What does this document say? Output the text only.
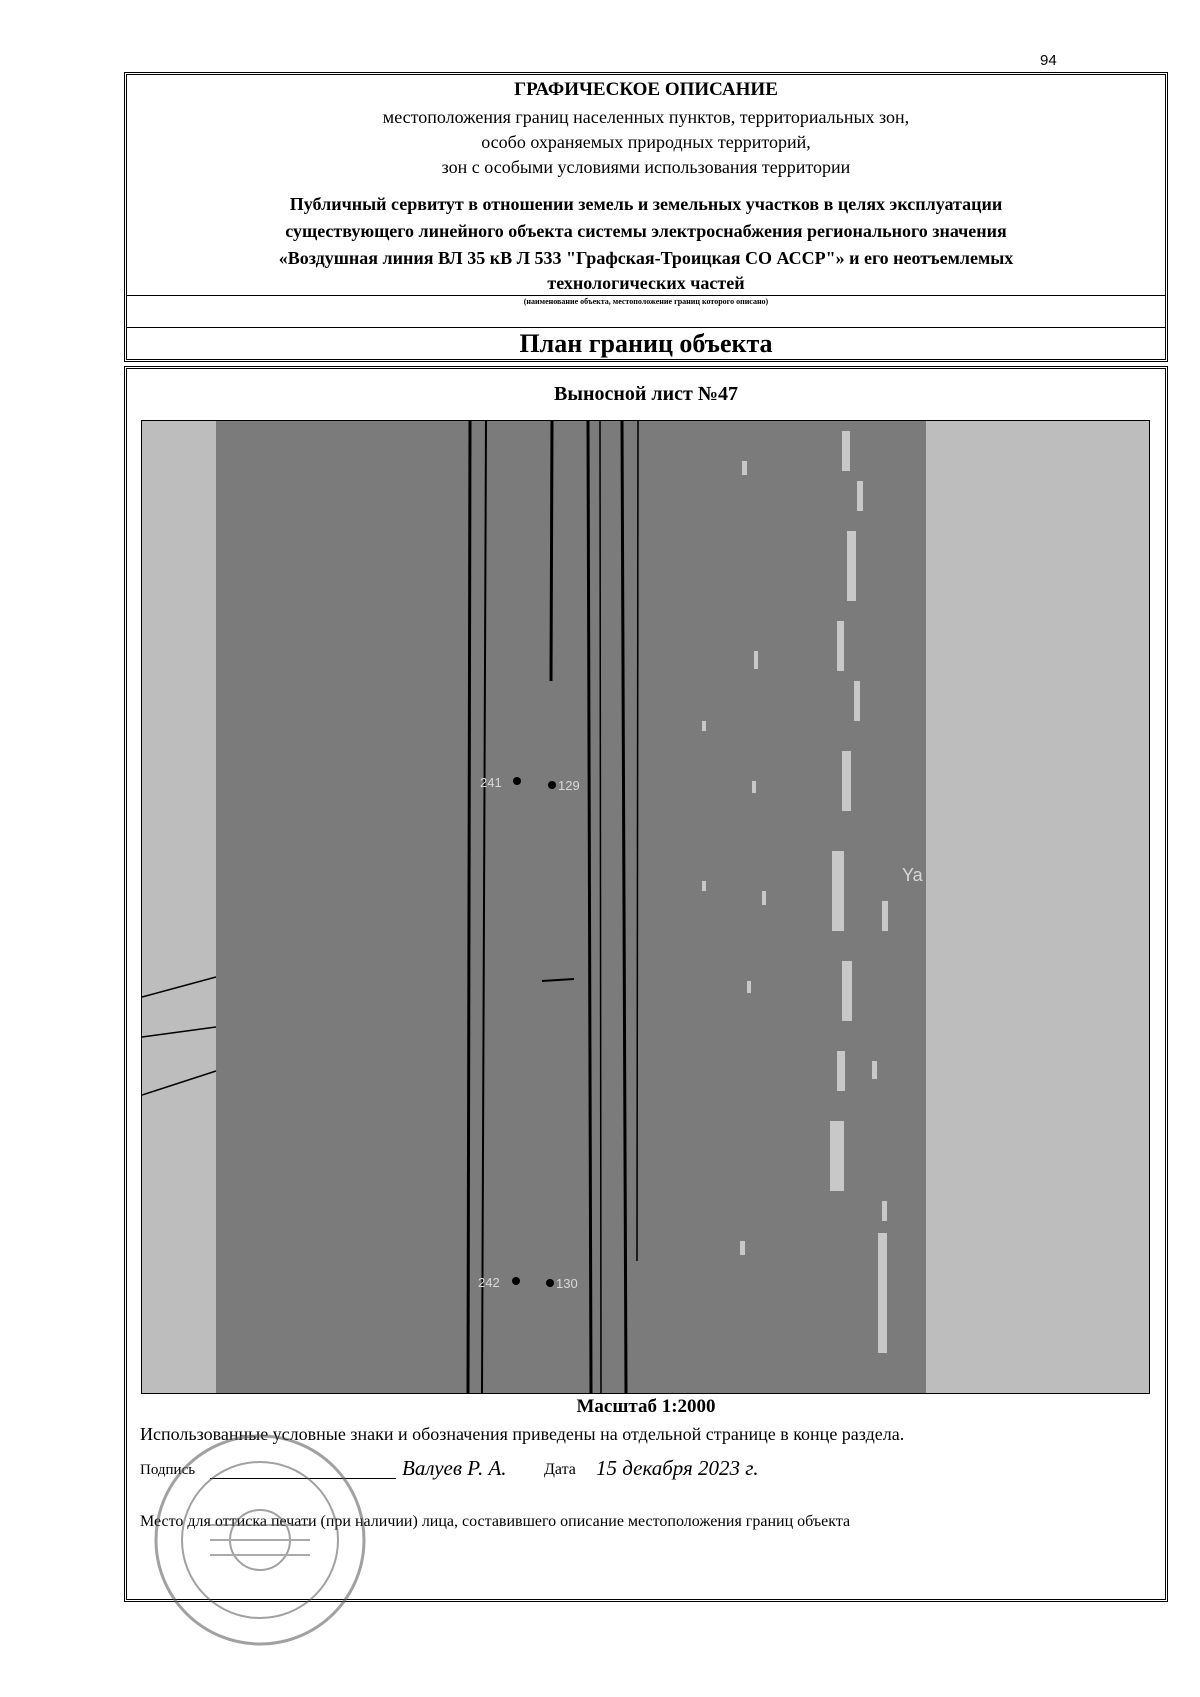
94
ГРАФИЧЕСКОЕ ОПИСАНИЕ
местоположения границ населенных пунктов, территориальных зон,
особо охраняемых природных территорий,
зон с особыми условиями использования территории
Публичный сервитут в отношении земель и земельных участков в целях эксплуатации
существующего линейного объекта системы электроснабжения регионального значения
«Воздушная линия ВЛ 35 кВ Л 533 "Графская-Троицкая СО АССР"» и его неотъемлемых
технологических частей
(наименование объекта, местоположение границ которого описано)
План границ объекта
Выносной лист №47
241	129
242	130
Ya
Масштаб 1:2000
Использованные условные знаки и обозначения приведены на отдельной странице в конце раздела.
Подпись	Валуев Р. А. Дата 15 декабря 2023 г.
Место для оттиска печати (при наличии) лица, составившего описание местоположения границ объекта
